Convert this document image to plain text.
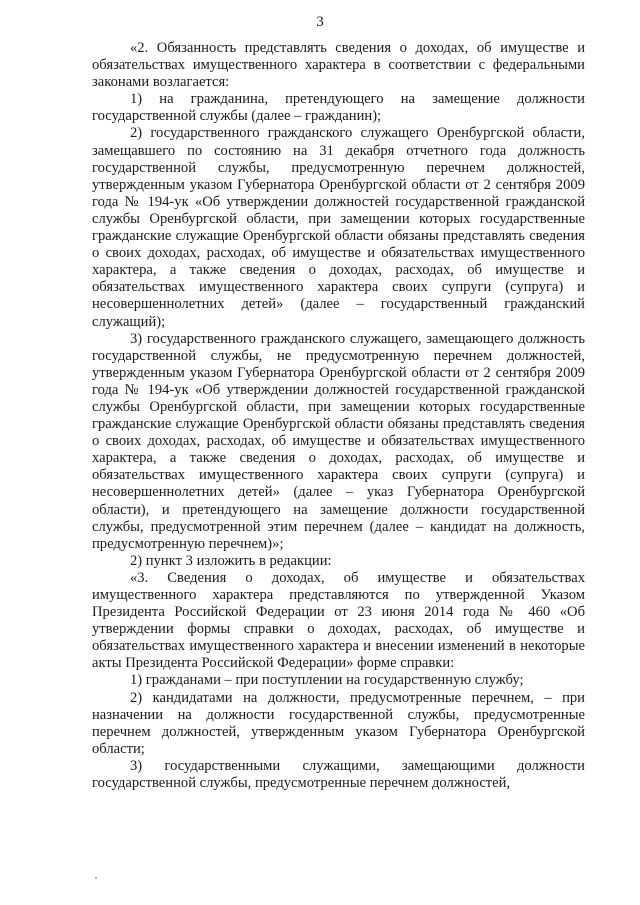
3

«2. Обязанность представлять сведения о доходах, об имуществе и обязательствах имущественного характера в соответствии с федеральными законами возлагается:

1) на гражданина, претендующего на замещение должности государственной службы (далее – гражданин);

2) государственного гражданского служащего Оренбургской области, замещавшего по состоянию на 31 декабря отчетного года должность государственной службы, предусмотренную перечнем должностей, утвержденным указом Губернатора Оренбургской области от 2 сентября 2009 года № 194-ук «Об утверждении должностей государственной гражданской службы Оренбургской области, при замещении которых государственные гражданские служащие Оренбургской области обязаны представлять сведения о своих доходах, расходах, об имуществе и обязательствах имущественного характера, а также сведения о доходах, расходах, об имуществе и обязательствах имущественного характера своих супруги (супруга) и несовершеннолетних детей» (далее – государственный гражданский служащий);

3) государственного гражданского служащего, замещающего должность государственной службы, не предусмотренную перечнем должностей, утвержденным указом Губернатора Оренбургской области от 2 сентября 2009 года № 194-ук «Об утверждении должностей государственной гражданской службы Оренбургской области, при замещении которых государственные гражданские служащие Оренбургской области обязаны представлять сведения о своих доходах, расходах, об имуществе и обязательствах имущественного характера, а также сведения о доходах, расходах, об имуществе и обязательствах имущественного характера своих супруги (супруга) и несовершеннолетних детей» (далее – указ Губернатора Оренбургской области), и претендующего на замещение должности государственной службы, предусмотренной этим перечнем (далее – кандидат на должность, предусмотренную перечнем)»;

2) пункт 3 изложить в редакции:

«3. Сведения о доходах, об имуществе и обязательствах имущественного характера представляются по утвержденной Указом Президента Российской Федерации от 23 июня 2014 года № 460 «Об утверждении формы справки о доходах, расходах, об имуществе и обязательствах имущественного характера и внесении изменений в некоторые акты Президента Российской Федерации» форме справки:

1) гражданами – при поступлении на государственную службу;

2) кандидатами на должности, предусмотренные перечнем, – при назначении на должности государственной службы, предусмотренные перечнем должностей, утвержденным указом Губернатора Оренбургской области;

3) государственными служащими, замещающими должности государственной службы, предусмотренные перечнем должностей,
